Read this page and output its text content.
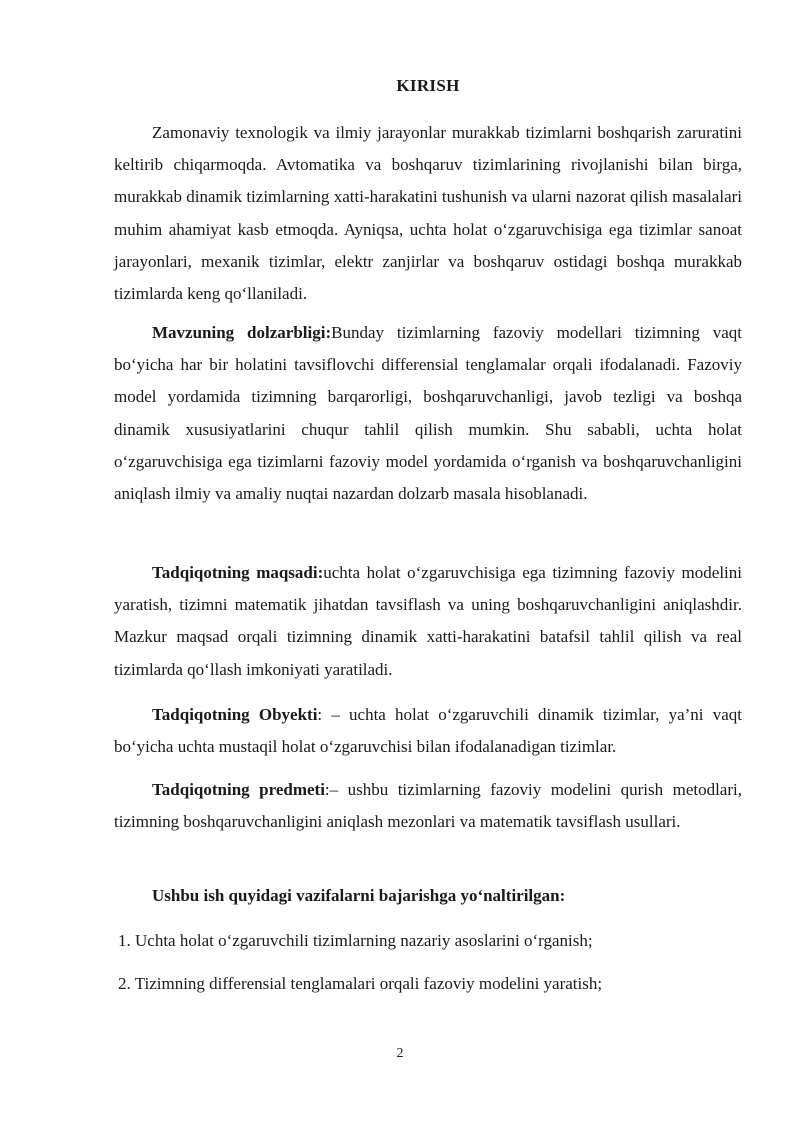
KIRISH

Zamonaviy texnologik va ilmiy jarayonlar murakkab tizimlarni boshqarish zaruratini keltirib chiqarmoqda. Avtomatika va boshqaruv tizimlarining rivojlanishi bilan birga, murakkab dinamik tizimlarning xatti-harakatini tushunish va ularni nazorat qilish masalalari muhim ahamiyat kasb etmoqda. Ayniqsa, uchta holat o‘zgaruvchisiga ega tizimlar sanoat jarayonlari, mexanik tizimlar, elektr zanjirlar va boshqaruv ostidagi boshqa murakkab tizimlarda keng qo‘llaniladi.

Mavzuning dolzarbligi:Bunday tizimlarning fazoviy modellari tizimning vaqt bo‘yicha har bir holatini tavsiflovchi differensial tenglamalar orqali ifodalanadi. Fazoviy model yordamida tizimning barqarorligi, boshqaruvchanligi, javob tezligi va boshqa dinamik xususiyatlarini chuqur tahlil qilish mumkin. Shu sababli, uchta holat o‘zgaruvchisiga ega tizimlarni fazoviy model yordamida o‘rganish va boshqaruvchanligini aniqlash ilmiy va amaliy nuqtai nazardan dolzarb masala hisoblanadi.

Tadqiqotning maqsadi:uchta holat o‘zgaruvchisiga ega tizimning fazoviy modelini yaratish, tizimni matematik jihatdan tavsiflash va uning boshqaruvchanligini aniqlashdir. Mazkur maqsad orqali tizimning dinamik xatti-harakatini batafsil tahlil qilish va real tizimlarda qo‘llash imkoniyati yaratiladi.

Tadqiqotning Obyekti: – uchta holat o‘zgaruvchili dinamik tizimlar, ya’ni vaqt bo‘yicha uchta mustaqil holat o‘zgaruvchisi bilan ifodalanadigan tizimlar.

Tadqiqotning predmeti:– ushbu tizimlarning fazoviy modelini qurish metodlari, tizimning boshqaruvchanligini aniqlash mezonlari va matematik tavsiflash usullari.

Ushbu ish quyidagi vazifalarni bajarishga yo‘naltirilgan:

1. Uchta holat o‘zgaruvchili tizimlarning nazariy asoslarini o‘rganish;

2. Tizimning differensial tenglamalari orqali fazoviy modelini yaratish;

2
